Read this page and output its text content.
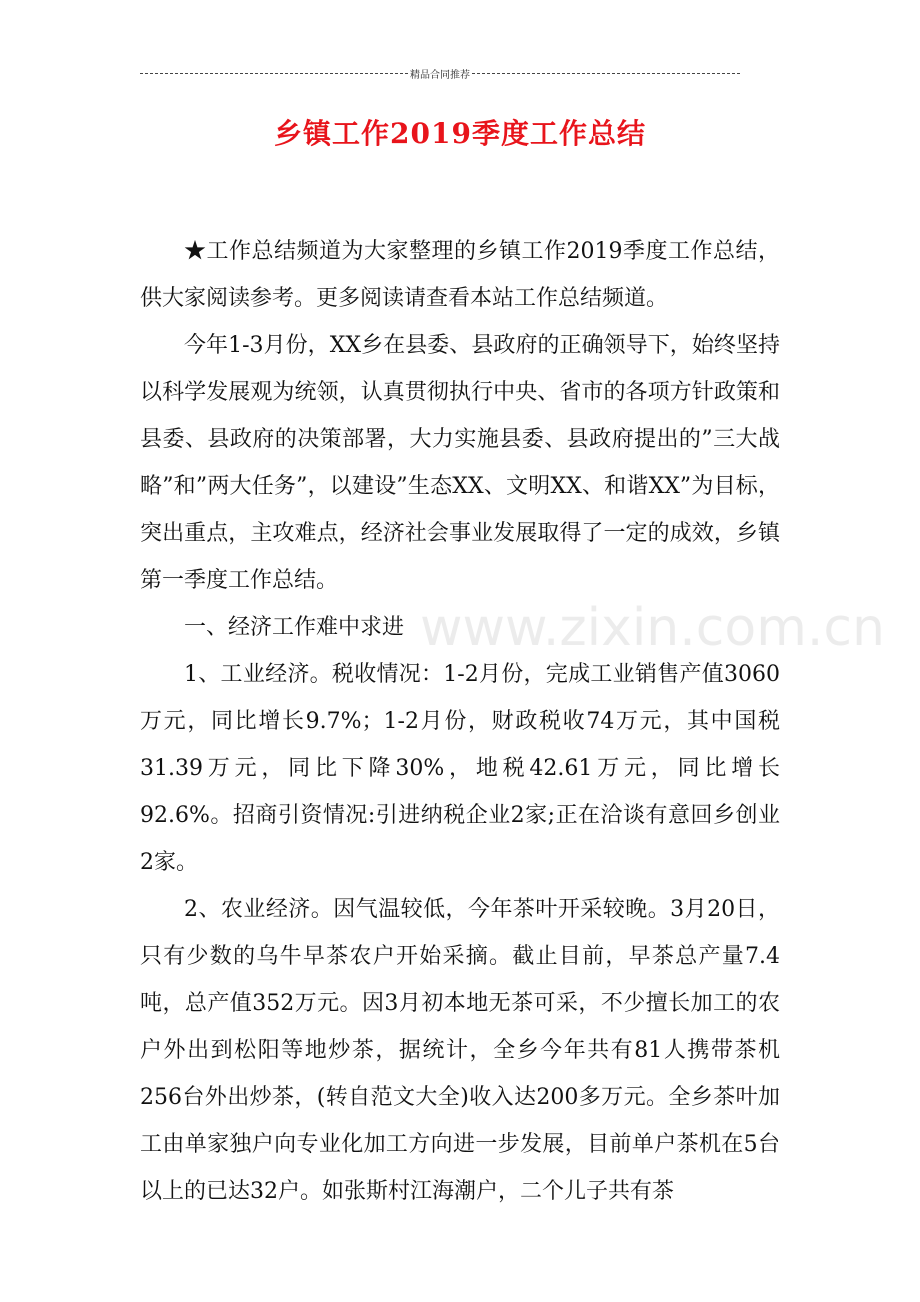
精品合同推荐
乡镇工作2019季度工作总结

★工作总结频道为大家整理的乡镇工作2019季度工作总结，供大家阅读参考。更多阅读请查看本站工作总结频道。

今年1-3月份，XX乡在县委、县政府的正确领导下，始终坚持以科学发展观为统领，认真贯彻执行中央、省市的各项方针政策和县委、县政府的决策部署，大力实施县委、县政府提出的”三大战略”和”两大任务”，以建设”生态XX、文明XX、和谐XX”为目标，突出重点，主攻难点，经济社会事业发展取得了一定的成效，乡镇第一季度工作总结。

一、经济工作难中求进

1、工业经济。税收情况：1-2月份，完成工业销售产值3060万元，同比增长9.7%；1-2月份，财政税收74万元，其中国税31.39万元，同比下降30%，地税42.61万元，同比增长92.6%。招商引资情况:引进纳税企业2家;正在洽谈有意回乡创业2家。

2、农业经济。因气温较低，今年茶叶开采较晚。3月20日，只有少数的乌牛早茶农户开始采摘。截止目前，早茶总产量7.4吨，总产值352万元。因3月初本地无茶可采，不少擅长加工的农户外出到松阳等地炒茶，据统计，全乡今年共有81人携带茶机256台外出炒茶，(转自范文大全)收入达200多万元。全乡茶叶加工由单家独户向专业化加工方向进一步发展，目前单户茶机在5台以上的已达32户。如张斯村江海潮户，二个儿子共有茶

www.zixin.com.cn
